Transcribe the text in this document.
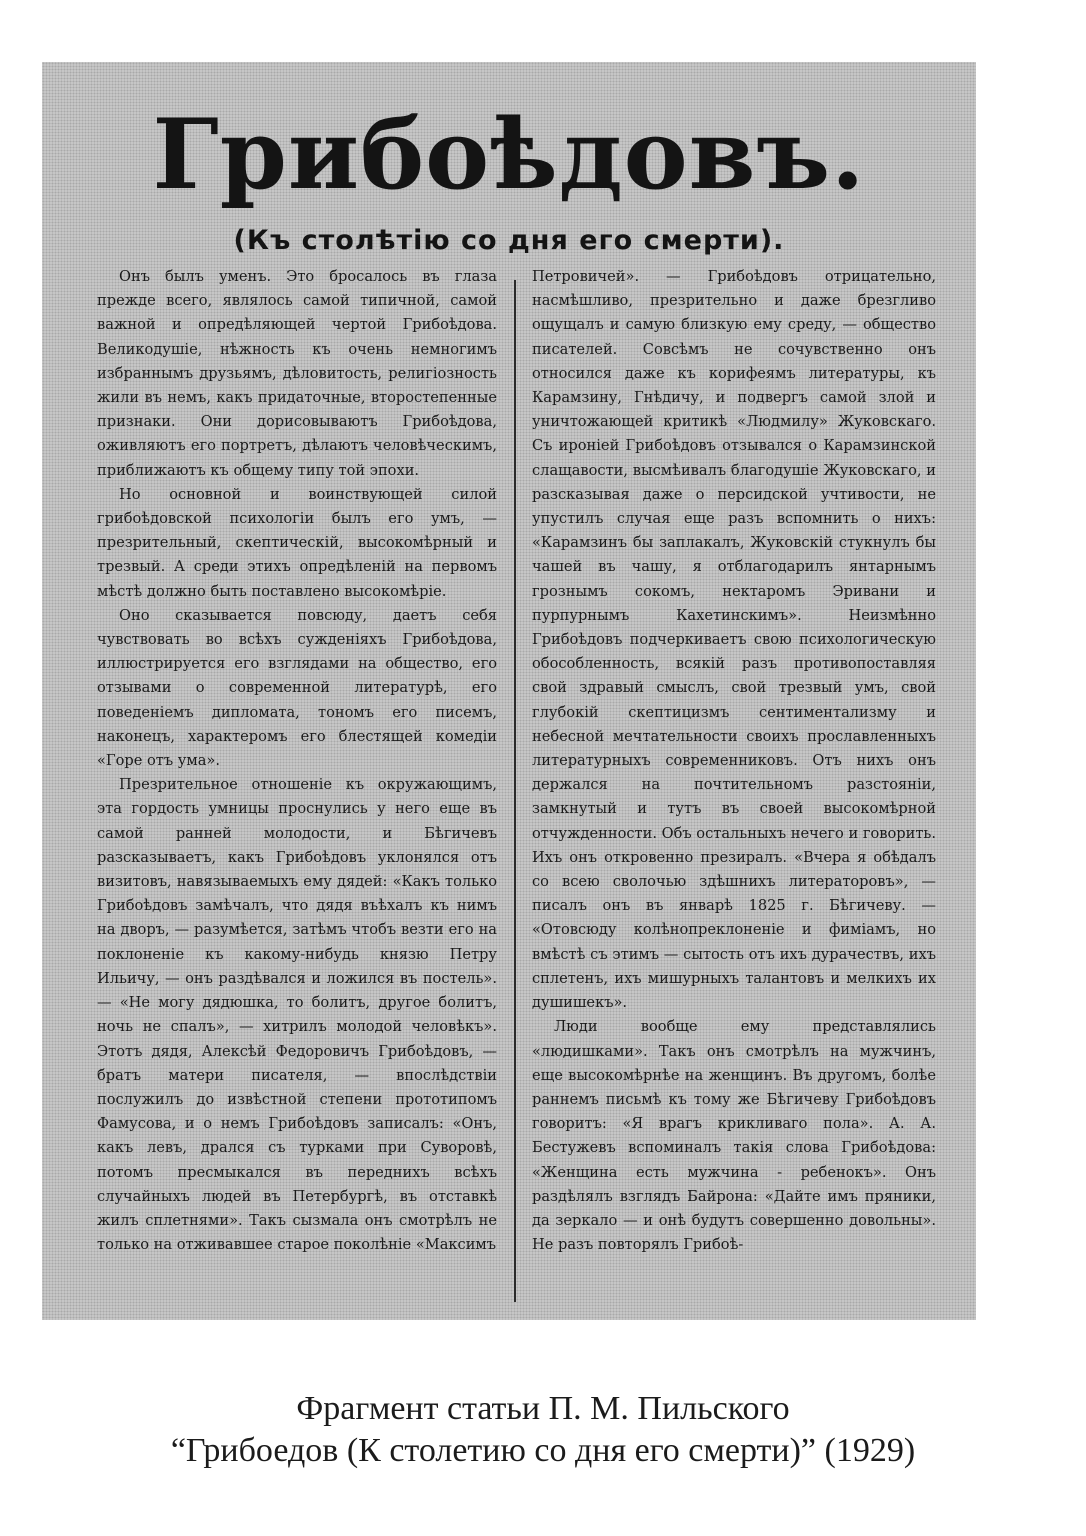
Грибоѣдовъ.
(Къ столѣтiю со дня его смерти).

Онъ былъ уменъ. Это бросалось въ глаза прежде всего, являлось самой типичной, самой важной и опредѣляющей чертой Грибоѣдова. Великодушiе, нѣжность къ очень немногимъ избраннымъ друзьямъ, дѣловитость, религiозность жили въ немъ, какъ придаточные, второстепенные признаки. Они дорисовываютъ Грибоѣдова, оживляютъ его портретъ, дѣлаютъ человѣческимъ, приближаютъ къ общему типу той эпохи.

Но основной и воинствующей силой грибоѣдовской психологiи былъ его умъ, — презрительный, скептическiй, высокомѣрный и трезвый. А среди этихъ опредѣленiй на первомъ мѣстѣ должно быть поставлено высокомѣрiе.

Оно сказывается повсюду, даетъ себя чувствовать во всѣхъ сужденiяхъ Грибоѣдова, иллюстрируется его взглядами на общество, его отзывами о современной литературѣ, его поведенiемъ дипломата, тономъ его писемъ, наконецъ, характеромъ его блестящей комедiи «Горе отъ ума».

Презрительное отношенiе къ окружающимъ, эта гордость умницы проснулись у него еще въ самой ранней молодости, и Бѣгичевъ разсказываетъ, какъ Грибоѣдовъ уклонялся отъ визитовъ, навязываемыхъ ему дядей: «Какъ только Грибоѣдовъ замѣчалъ, что дядя въѣхалъ къ нимъ на дворъ, — разумѣется, затѣмъ чтобъ везти его на поклоненiе къ какому-нибудь князю Петру Ильичу, — онъ раздѣвался и ложился въ постель». — «Не могу дядюшка, то болитъ, другое болитъ, ночь не спалъ», — хитрилъ молодой человѣкъ». Этотъ дядя, Алексѣй Федоровичъ Грибоѣдовъ, — братъ матери писателя, — впослѣдствiи послужилъ до извѣстной степени прототипомъ Фамусова, и о немъ Грибоѣдовъ записалъ: «Онъ, какъ левъ, дрался съ турками при Суворовѣ, потомъ пресмыкался въ переднихъ всѣхъ случайныхъ людей въ Петербургѣ, въ отставкѣ жилъ сплетнями». Такъ сызмала онъ смотрѣлъ не только на отживавшее старое поколѣнiе «Максимъ

Петровичей». — Грибоѣдовъ отрицательно, насмѣшливо, презрительно и даже брезгливо ощущалъ и самую близкую ему среду, — общество писателей. Совсѣмъ не сочувственно онъ относился даже къ корифеямъ литературы, къ Карамзину, Гнѣдичу, и подвергъ самой злой и уничтожающей критикѣ «Людмилу» Жуковскаго. Съ иронiей Грибоѣдовъ отзывался о Карамзинской слащавости, высмѣивалъ благодушiе Жуковскаго, и разсказывая даже о персидской учтивости, не упустилъ случая еще разъ вспомнить о нихъ: «Карамзинъ бы заплакалъ, Жуковскiй стукнулъ бы чашей въ чашу, я отблагодарилъ янтарнымъ грознымъ сокомъ, нектаромъ Эривани и пурпурнымъ Кахетинскимъ». Неизмѣнно Грибоѣдовъ подчеркиваетъ свою психологическую обособленность, всякiй разъ противопоставляя свой здравый смыслъ, свой трезвый умъ, свой глубокiй скептицизмъ сентиментализму и небесной мечтательности своихъ прославленныхъ литературныхъ современниковъ. Отъ нихъ онъ держался на почтительномъ разстоянiи, замкнутый и тутъ въ своей высокомѣрной отчужденности. Объ остальныхъ нечего и говорить. Ихъ онъ откровенно презиралъ. «Вчера я обѣдалъ со всею сволочью здѣшнихъ литераторовъ», — писалъ онъ въ январѣ 1825 г. Бѣгичеву. — «Отовсюду колѣнопреклоненiе и фимiамъ, но вмѣстѣ съ этимъ — сытость отъ ихъ дурачествъ, ихъ сплетенъ, ихъ мишурныхъ талантовъ и мелкихъ их душишекъ».

Люди вообще ему представлялись «людишками». Такъ онъ смотрѣлъ на мужчинъ, еще высокомѣрнѣе на женщинъ. Въ другомъ, болѣе раннемъ письмѣ къ тому же Бѣгичеву Грибоѣдовъ говоритъ: «Я врагъ крикливаго пола». А. А. Бестужевъ вспоминалъ такiя слова Грибоѣдова: «Женщина есть мужчина - ребенокъ». Онъ раздѣлялъ взглядъ Байрона: «Дайте имъ пряники, да зеркало — и онѣ будутъ совершенно довольны». Не разъ повторялъ Грибоѣ-

Фрагмент статьи П. М. Пильского
“Грибоедов (К столетию со дня его смерти)” (1929)
